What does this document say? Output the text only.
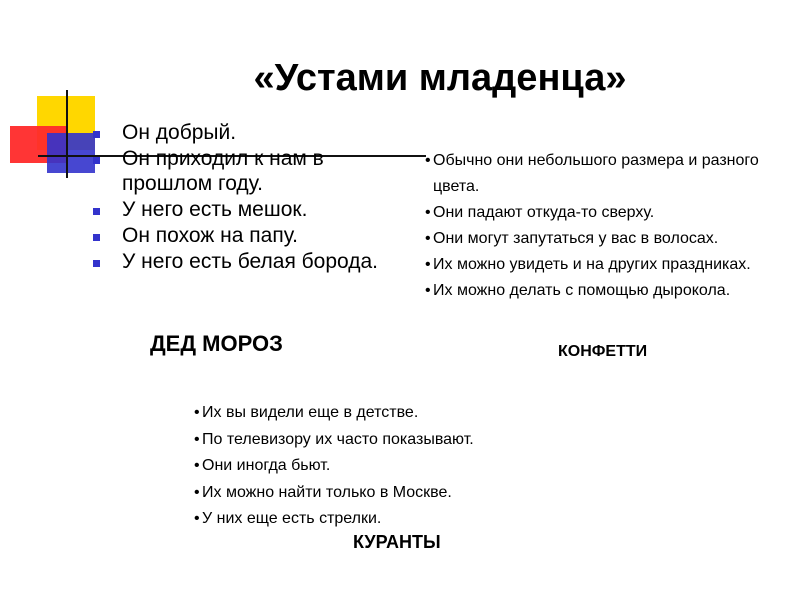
«Устами младенца»
Он добрый.
Он приходил к нам в прошлом году.
У него есть мешок.
Он похож на папу.
У него есть белая борода.
ДЕД МОРОЗ
• Обычно они небольшого размера и разного цвета.
• Они падают откуда-то сверху.
• Они могут запутаться у вас в волосах.
• Их можно увидеть и на других праздниках.
• Их можно делать с помощью дырокола.
КОНФЕТТИ
• Их вы видели еще в детстве.
• По телевизору их часто показывают.
• Они иногда бьют.
• Их можно найти только в Москве.
• У них еще есть стрелки.
КУРАНТЫ
